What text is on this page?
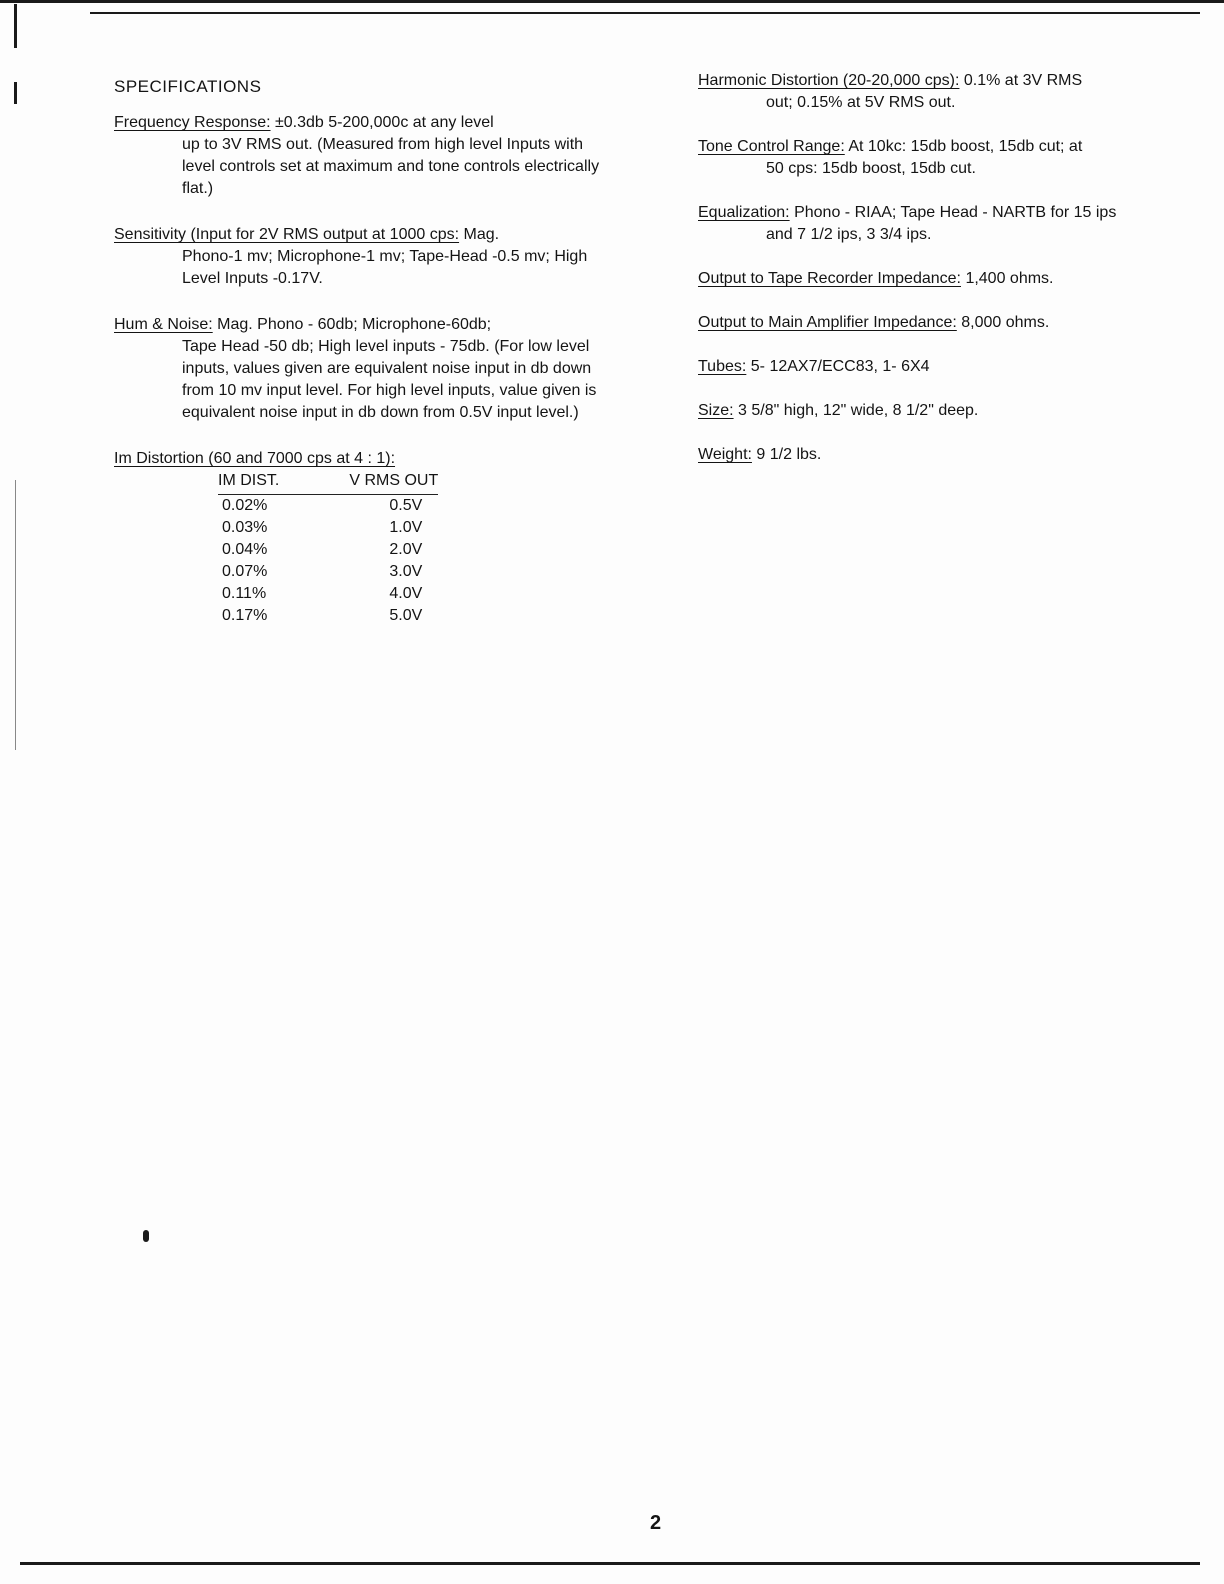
SPECIFICATIONS
Frequency Response: ±0.3db 5-200,000c at any level
up to 3V RMS out. (Measured from high level Inputs with level controls set at maximum and tone controls electrically flat.)
Sensitivity (Input for 2V RMS output at 1000 cps: Mag.
Phono-1 mv; Microphone-1 mv; Tape-Head -0.5 mv; High Level Inputs -0.17V.
Hum & Noise: Mag. Phono - 60db; Microphone-60db;
Tape Head -50 db; High level inputs - 75db. (For low level inputs, values given are equivalent noise input in db down from 10 mv input level. For high level inputs, value given is equivalent noise input in db down from 0.5V input level.)
Im Distortion (60 and 7000 cps at 4 : 1):
IM DIST.	V RMS OUT
0.02%	0.5V
0.03%	1.0V
0.04%	2.0V
0.07%	3.0V
0.11%	4.0V
0.17%	5.0V
Harmonic Distortion (20-20,000 cps): 0.1% at 3V RMS
out; 0.15% at 5V RMS out.
Tone Control Range: At 10kc: 15db boost, 15db cut; at
50 cps: 15db boost, 15db cut.
Equalization: Phono - RIAA; Tape Head - NARTB for 15 ips
and 7 1/2 ips, 3 3/4 ips.
Output to Tape Recorder Impedance: 1,400 ohms.
Output to Main Amplifier Impedance: 8,000 ohms.
Tubes: 5- 12AX7/ECC83, 1- 6X4
Size: 3 5/8" high, 12" wide, 8 1/2" deep.
Weight: 9 1/2 lbs.
2
